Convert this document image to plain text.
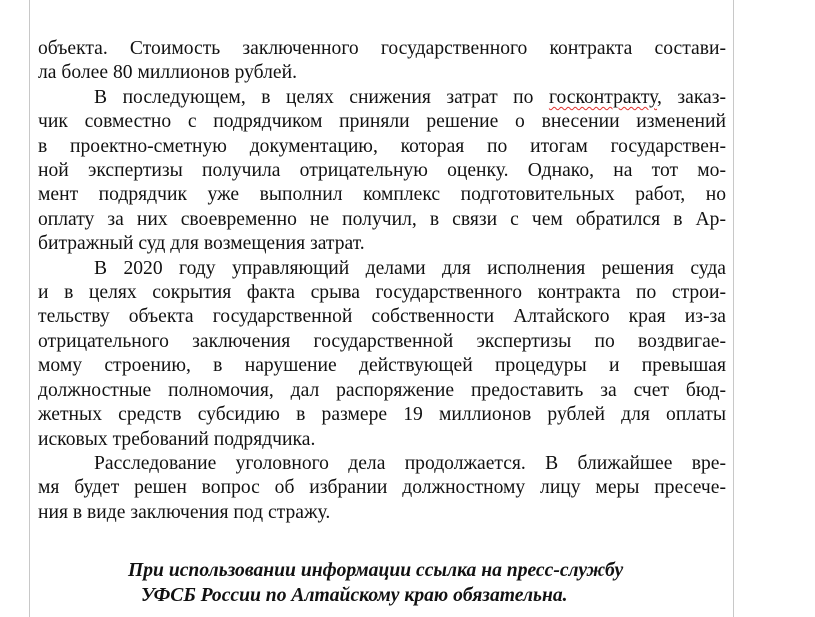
объекта. Стоимость заключенного государственного контракта состави-
ла более 80 миллионов рублей.

В последующем, в целях снижения затрат по госконтракту, заказ-
чик совместно с подрядчиком приняли решение о внесении изменений
в проектно-сметную документацию, которая по итогам государствен-
ной экспертизы получила отрицательную оценку. Однако, на тот мо-
мент подрядчик уже выполнил комплекс подготовительных работ, но
оплату за них своевременно не получил, в связи с чем обратился в Ар-
битражный суд для возмещения затрат.

В 2020 году управляющий делами для исполнения решения суда
и в целях сокрытия факта срыва государственного контракта по строи-
тельству объекта государственной собственности Алтайского края из-за
отрицательного заключения государственной экспертизы по воздвигае-
мому строению, в нарушение действующей процедуры и превышая
должностные полномочия, дал распоряжение предоставить за счет бюд-
жетных средств субсидию в размере 19 миллионов рублей для оплаты
исковых требований подрядчика.

Расследование уголовного дела продолжается. В ближайшее вре-
мя будет решен вопрос об избрании должностному лицу меры пресече-
ния в виде заключения под стражу.

При использовании информации ссылка на пресс-службу
УФСБ России по Алтайскому краю обязательна.
